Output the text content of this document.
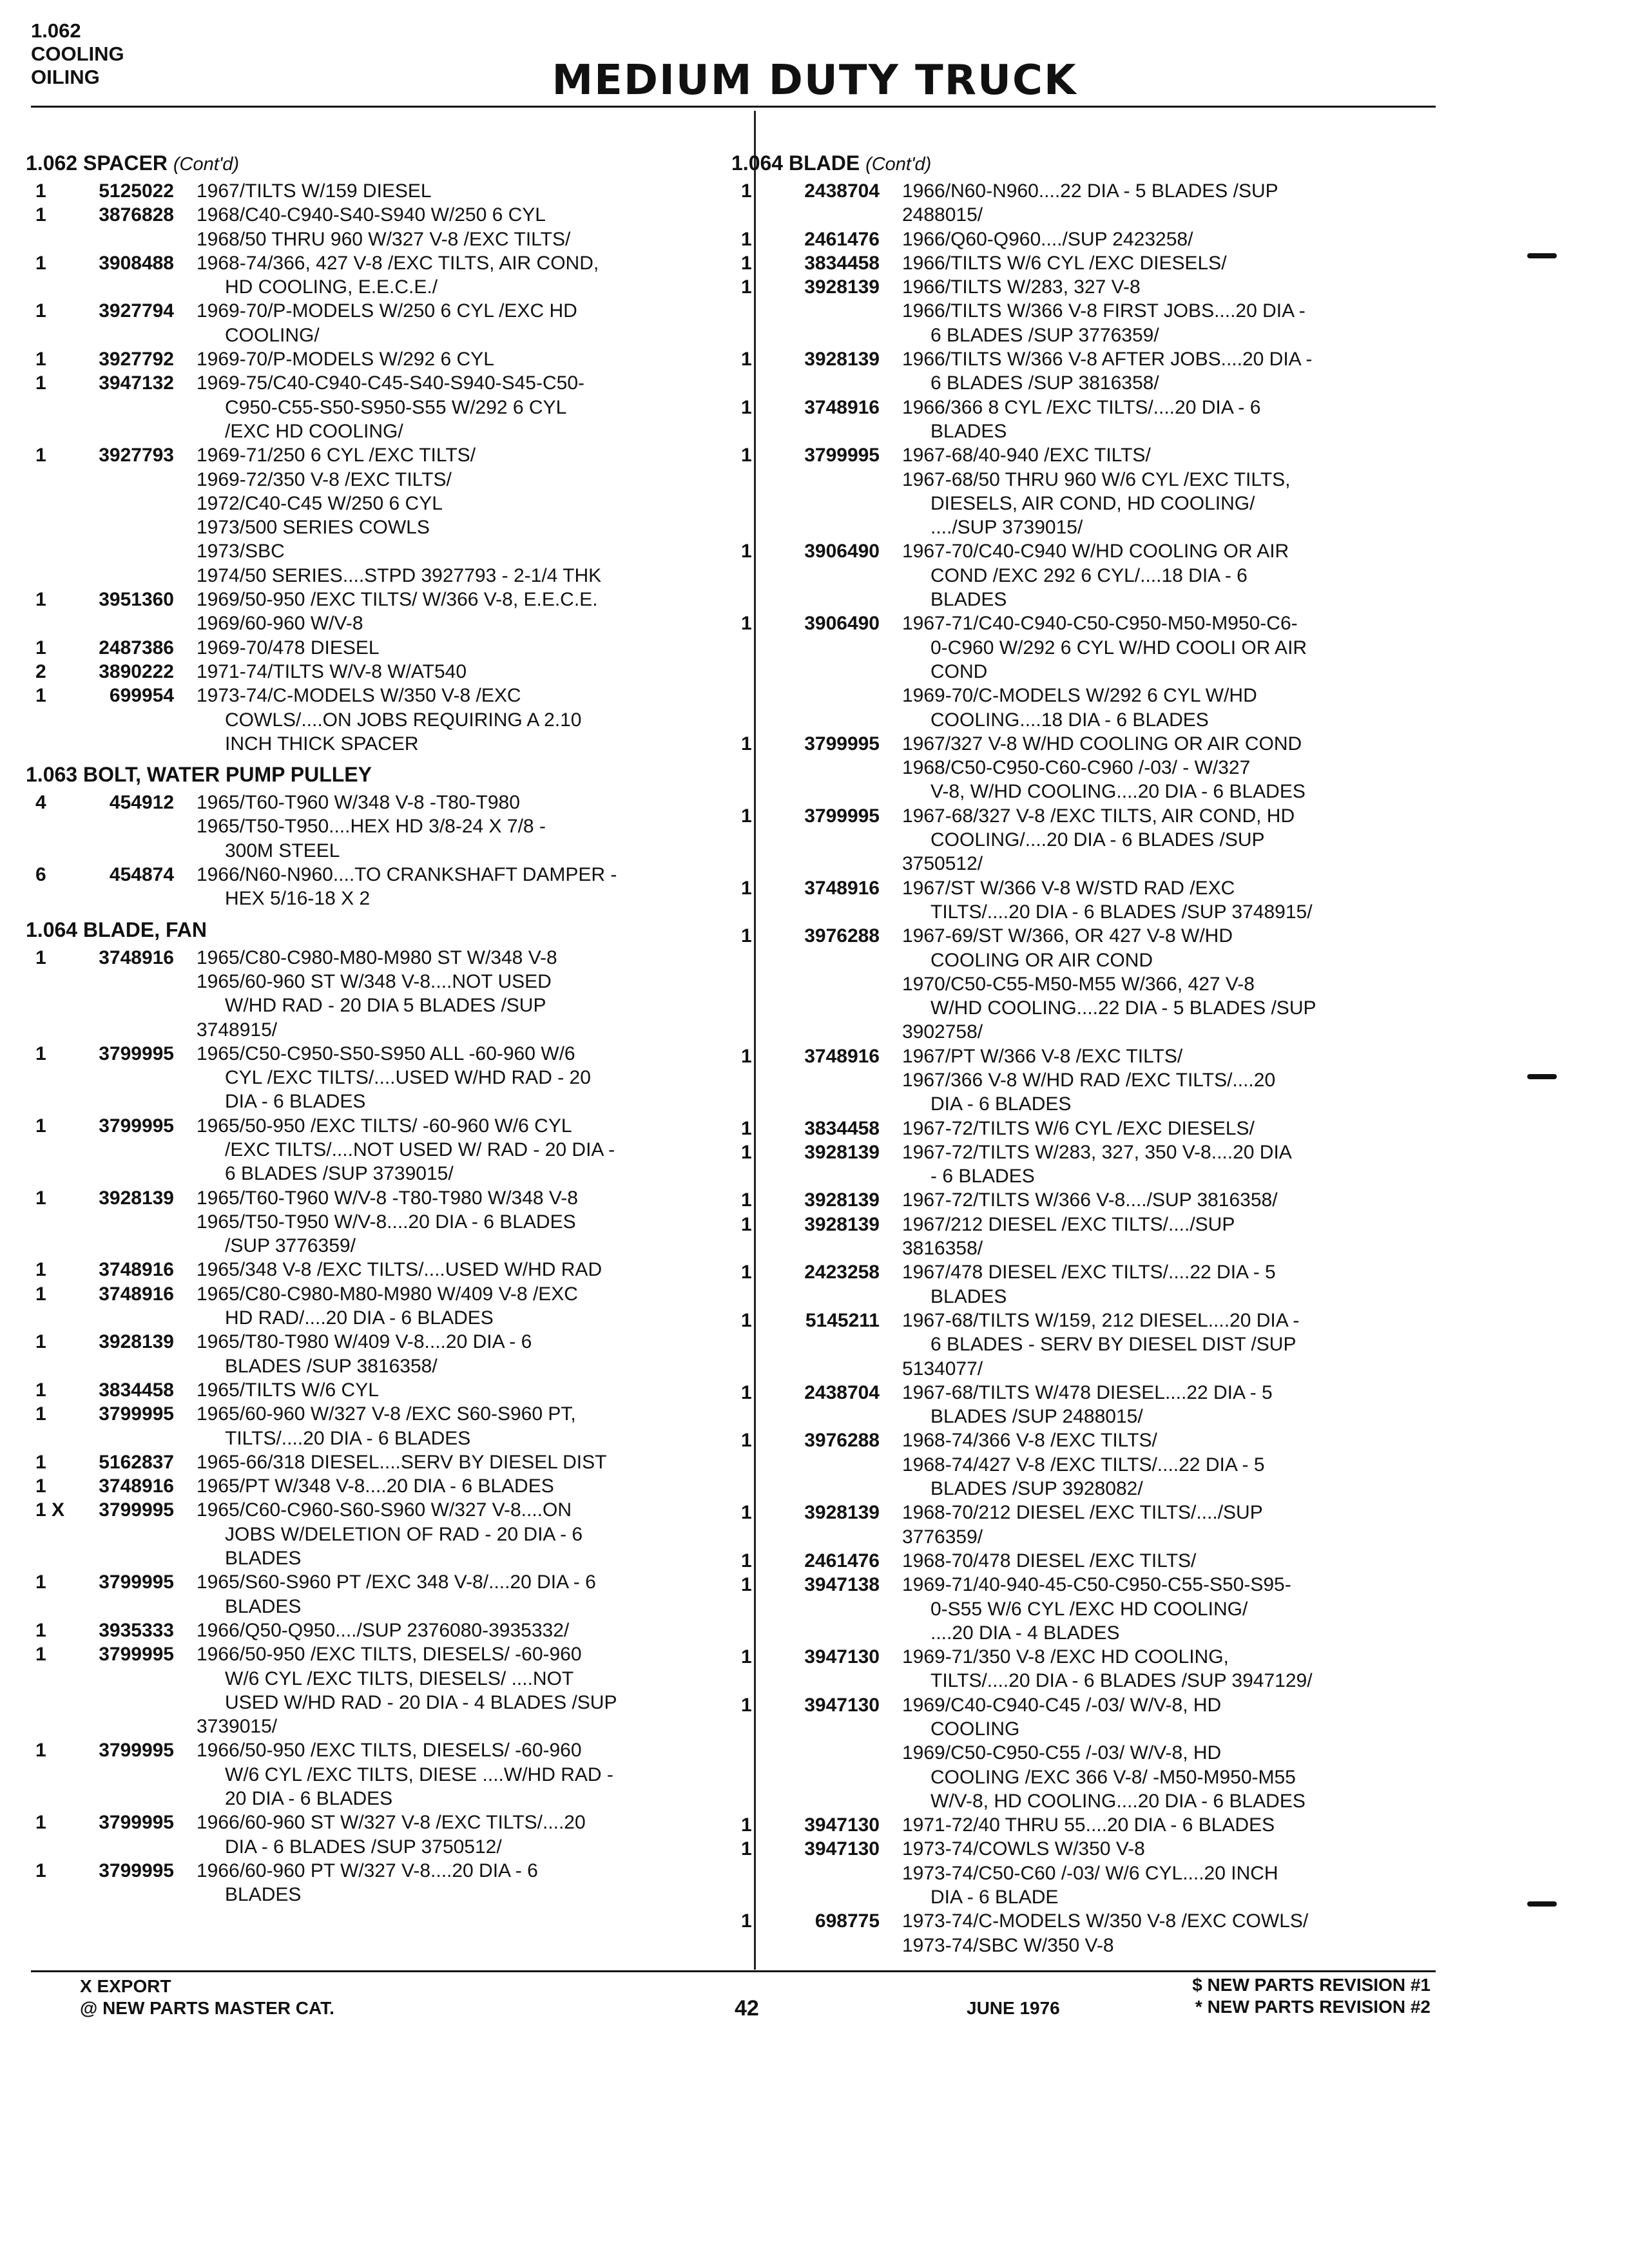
1.062
COOLING
OILING	MEDIUM DUTY TRUCK
1.062 SPACER (Cont'd)
1	5125022 1967/TILTS W/159 DIESEL
1	3876828 1968/C40-C940-S40-S940 W/250 6 CYL
1968/50 THRU 960 W/327 V-8 /EXC TILTS/
1	3908488 1968-74/366, 427 V-8 /EXC TILTS, AIR COND,
HD COOLING, E.E.C.E./
1	3927794 1969-70/P-MODELS W/250 6 CYL /EXC HD
COOLING/
1	3927792 1969-70/P-MODELS W/292 6 CYL
1	3947132 1969-75/C40-C940-C45-S40-S940-S45-C50-
C950-C55-S50-S950-S55 W/292 6 CYL
/EXC HD COOLING/
1	3927793 1969-71/250 6 CYL /EXC TILTS/
1969-72/350 V-8 /EXC TILTS/
1972/C40-C45 W/250 6 CYL
1973/500 SERIES COWLS
1973/SBC
1974/50 SERIES....STPD 3927793 - 2-1/4 THK
1	3951360 1969/50-950 /EXC TILTS/ W/366 V-8, E.E.C.E.
1969/60-960 W/V-8
1	2487386 1969-70/478 DIESEL
2	3890222 1971-74/TILTS W/V-8 W/AT540
1	699954 1973-74/C-MODELS W/350 V-8 /EXC
COWLS/....ON JOBS REQUIRING A 2.10
INCH THICK SPACER
1.063 BOLT, WATER PUMP PULLEY
4	454912 1965/T60-T960 W/348 V-8 -T80-T980
1965/T50-T950....HEX HD 3/8-24 X 7/8 -
300M STEEL
6	454874 1966/N60-N960....TO CRANKSHAFT DAMPER -
HEX 5/16-18 X 2
1.064 BLADE, FAN
1	3748916 1965/C80-C980-M80-M980 ST W/348 V-8
1965/60-960 ST W/348 V-8....NOT USED
W/HD RAD - 20 DIA 5 BLADES /SUP
3748915/
1	3799995 1965/C50-C950-S50-S950 ALL -60-960 W/6
CYL /EXC TILTS/....USED W/HD RAD - 20
DIA - 6 BLADES
1	3799995 1965/50-950 /EXC TILTS/ -60-960 W/6 CYL
/EXC TILTS/....NOT USED W/ RAD - 20 DIA -
6 BLADES /SUP 3739015/
1	3928139 1965/T60-T960 W/V-8 -T80-T980 W/348 V-8
1965/T50-T950 W/V-8....20 DIA - 6 BLADES
/SUP 3776359/
1	3748916 1965/348 V-8 /EXC TILTS/....USED W/HD RAD
1	3748916 1965/C80-C980-M80-M980 W/409 V-8 /EXC
HD RAD/....20 DIA - 6 BLADES
1	3928139 1965/T80-T980 W/409 V-8....20 DIA - 6
BLADES /SUP 3816358/
1	3834458 1965/TILTS W/6 CYL
1	3799995 1965/60-960 W/327 V-8 /EXC S60-S960 PT,
TILTS/....20 DIA - 6 BLADES
1	5162837 1965-66/318 DIESEL....SERV BY DIESEL DIST
1	3748916 1965/PT W/348 V-8....20 DIA - 6 BLADES
1 X	3799995 1965/C60-C960-S60-S960 W/327 V-8....ON
JOBS W/DELETION OF RAD - 20 DIA - 6
BLADES
1	3799995 1965/S60-S960 PT /EXC 348 V-8/....20 DIA - 6
BLADES
1	3935333 1966/Q50-Q950..../SUP 2376080-3935332/
1	3799995 1966/50-950 /EXC TILTS, DIESELS/ -60-960
W/6 CYL /EXC TILTS, DIESELS/ ....NOT
USED W/HD RAD - 20 DIA - 4 BLADES /SUP
3739015/
1	3799995 1966/50-950 /EXC TILTS, DIESELS/ -60-960
W/6 CYL /EXC TILTS, DIESE ....W/HD RAD -
20 DIA - 6 BLADES
1	3799995 1966/60-960 ST W/327 V-8 /EXC TILTS/....20
DIA - 6 BLADES /SUP 3750512/
1	3799995 1966/60-960 PT W/327 V-8....20 DIA - 6
BLADES
1.064 BLADE (Cont'd)
1	2438704 1966/N60-N960....22 DIA - 5 BLADES /SUP
2488015/
1	2461476 1966/Q60-Q960..../SUP 2423258/
1	3834458 1966/TILTS W/6 CYL /EXC DIESELS/
1	3928139 1966/TILTS W/283, 327 V-8
1966/TILTS W/366 V-8 FIRST JOBS....20 DIA -
6 BLADES /SUP 3776359/
1	3928139 1966/TILTS W/366 V-8 AFTER JOBS....20 DIA -
6 BLADES /SUP 3816358/
1	3748916 1966/366 8 CYL /EXC TILTS/....20 DIA - 6
BLADES
1	3799995 1967-68/40-940 /EXC TILTS/
1967-68/50 THRU 960 W/6 CYL /EXC TILTS,
DIESELS, AIR COND, HD COOLING/
..../SUP 3739015/
1	3906490 1967-70/C40-C940 W/HD COOLING OR AIR
COND /EXC 292 6 CYL/....18 DIA - 6
BLADES
1	3906490 1967-71/C40-C940-C50-C950-M50-M950-C6-
0-C960 W/292 6 CYL W/HD COOLI OR AIR
COND
1969-70/C-MODELS W/292 6 CYL W/HD
COOLING....18 DIA - 6 BLADES
1	3799995 1967/327 V-8 W/HD COOLING OR AIR COND
1968/C50-C950-C60-C960 /-03/ - W/327
V-8, W/HD COOLING....20 DIA - 6 BLADES
1	3799995 1967-68/327 V-8 /EXC TILTS, AIR COND, HD
COOLING/....20 DIA - 6 BLADES /SUP
3750512/
1	3748916 1967/ST W/366 V-8 W/STD RAD /EXC
TILTS/....20 DIA - 6 BLADES /SUP 3748915/
1	3976288 1967-69/ST W/366, OR 427 V-8 W/HD
COOLING OR AIR COND
1970/C50-C55-M50-M55 W/366, 427 V-8
W/HD COOLING....22 DIA - 5 BLADES /SUP
3902758/
1	3748916 1967/PT W/366 V-8 /EXC TILTS/
1967/366 V-8 W/HD RAD /EXC TILTS/....20
DIA - 6 BLADES
1	3834458 1967-72/TILTS W/6 CYL /EXC DIESELS/
1	3928139 1967-72/TILTS W/283, 327, 350 V-8....20 DIA
- 6 BLADES
1	3928139 1967-72/TILTS W/366 V-8..../SUP 3816358/
1	3928139 1967/212 DIESEL /EXC TILTS/..../SUP
3816358/
1	2423258 1967/478 DIESEL /EXC TILTS/....22 DIA - 5
BLADES
1	5145211 1967-68/TILTS W/159, 212 DIESEL....20 DIA -
6 BLADES - SERV BY DIESEL DIST /SUP
5134077/
1	2438704 1967-68/TILTS W/478 DIESEL....22 DIA - 5
BLADES /SUP 2488015/
1	3976288 1968-74/366 V-8 /EXC TILTS/
1968-74/427 V-8 /EXC TILTS/....22 DIA - 5
BLADES /SUP 3928082/
1	3928139 1968-70/212 DIESEL /EXC TILTS/..../SUP
3776359/
1	2461476 1968-70/478 DIESEL /EXC TILTS/
1	3947138 1969-71/40-940-45-C50-C950-C55-S50-S95-
0-S55 W/6 CYL /EXC HD COOLING/
....20 DIA - 4 BLADES
1	3947130 1969-71/350 V-8 /EXC HD COOLING,
TILTS/....20 DIA - 6 BLADES /SUP 3947129/
1	3947130 1969/C40-C940-C45 /-03/ W/V-8, HD
COOLING
1969/C50-C950-C55 /-03/ W/V-8, HD
COOLING /EXC 366 V-8/ -M50-M950-M55
W/V-8, HD COOLING....20 DIA - 6 BLADES
1	3947130 1971-72/40 THRU 55....20 DIA - 6 BLADES
1	3947130 1973-74/COWLS W/350 V-8
1973-74/C50-C60 /-03/ W/6 CYL....20 INCH
DIA - 6 BLADE
1	698775 1973-74/C-MODELS W/350 V-8 /EXC COWLS/
1973-74/SBC W/350 V-8
X EXPORT
@ NEW PARTS MASTER CAT.	42	JUNE 1976
$ NEW PARTS REVISION #1
* NEW PARTS REVISION #2
